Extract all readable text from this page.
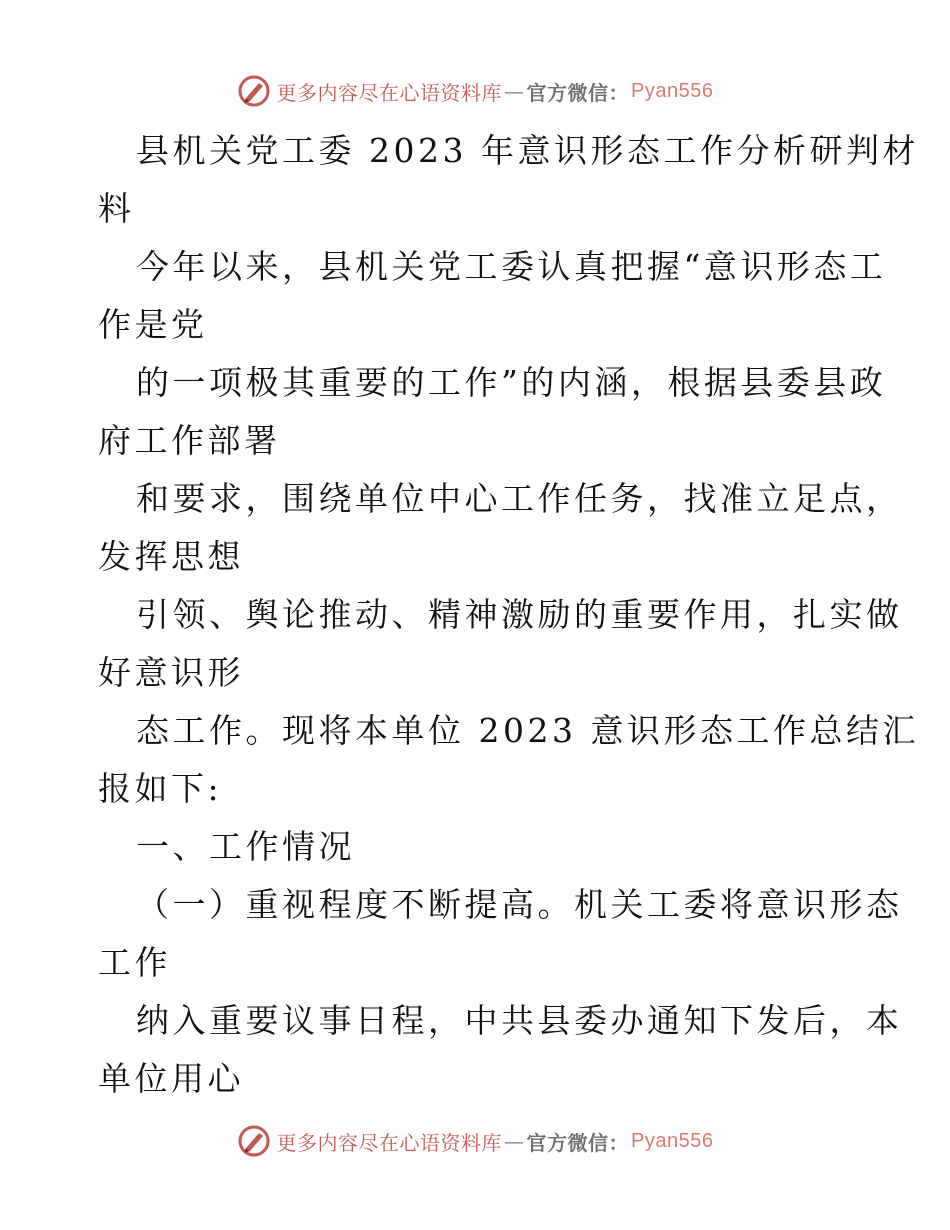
更多内容尽在心语资料库 — 官方微信： Pyan556
县机关党工委 2023 年意识形态工作分析研判材
料
今年以来，县机关党工委认真把握“意识形态工
作是党
的一项极其重要的工作”的内涵，根据县委县政
府工作部署
和要求，围绕单位中心工作任务，找准立足点，
发挥思想
引领、舆论推动、精神激励的重要作用，扎实做
好意识形
态工作。现将本单位 2023 意识形态工作总结汇
报如下:
一、工作情况
（一）重视程度不断提高。机关工委将意识形态
工作
纳入重要议事日程，中共县委办通知下发后，本
单位用心
更多内容尽在心语资料库 — 官方微信： Pyan556
